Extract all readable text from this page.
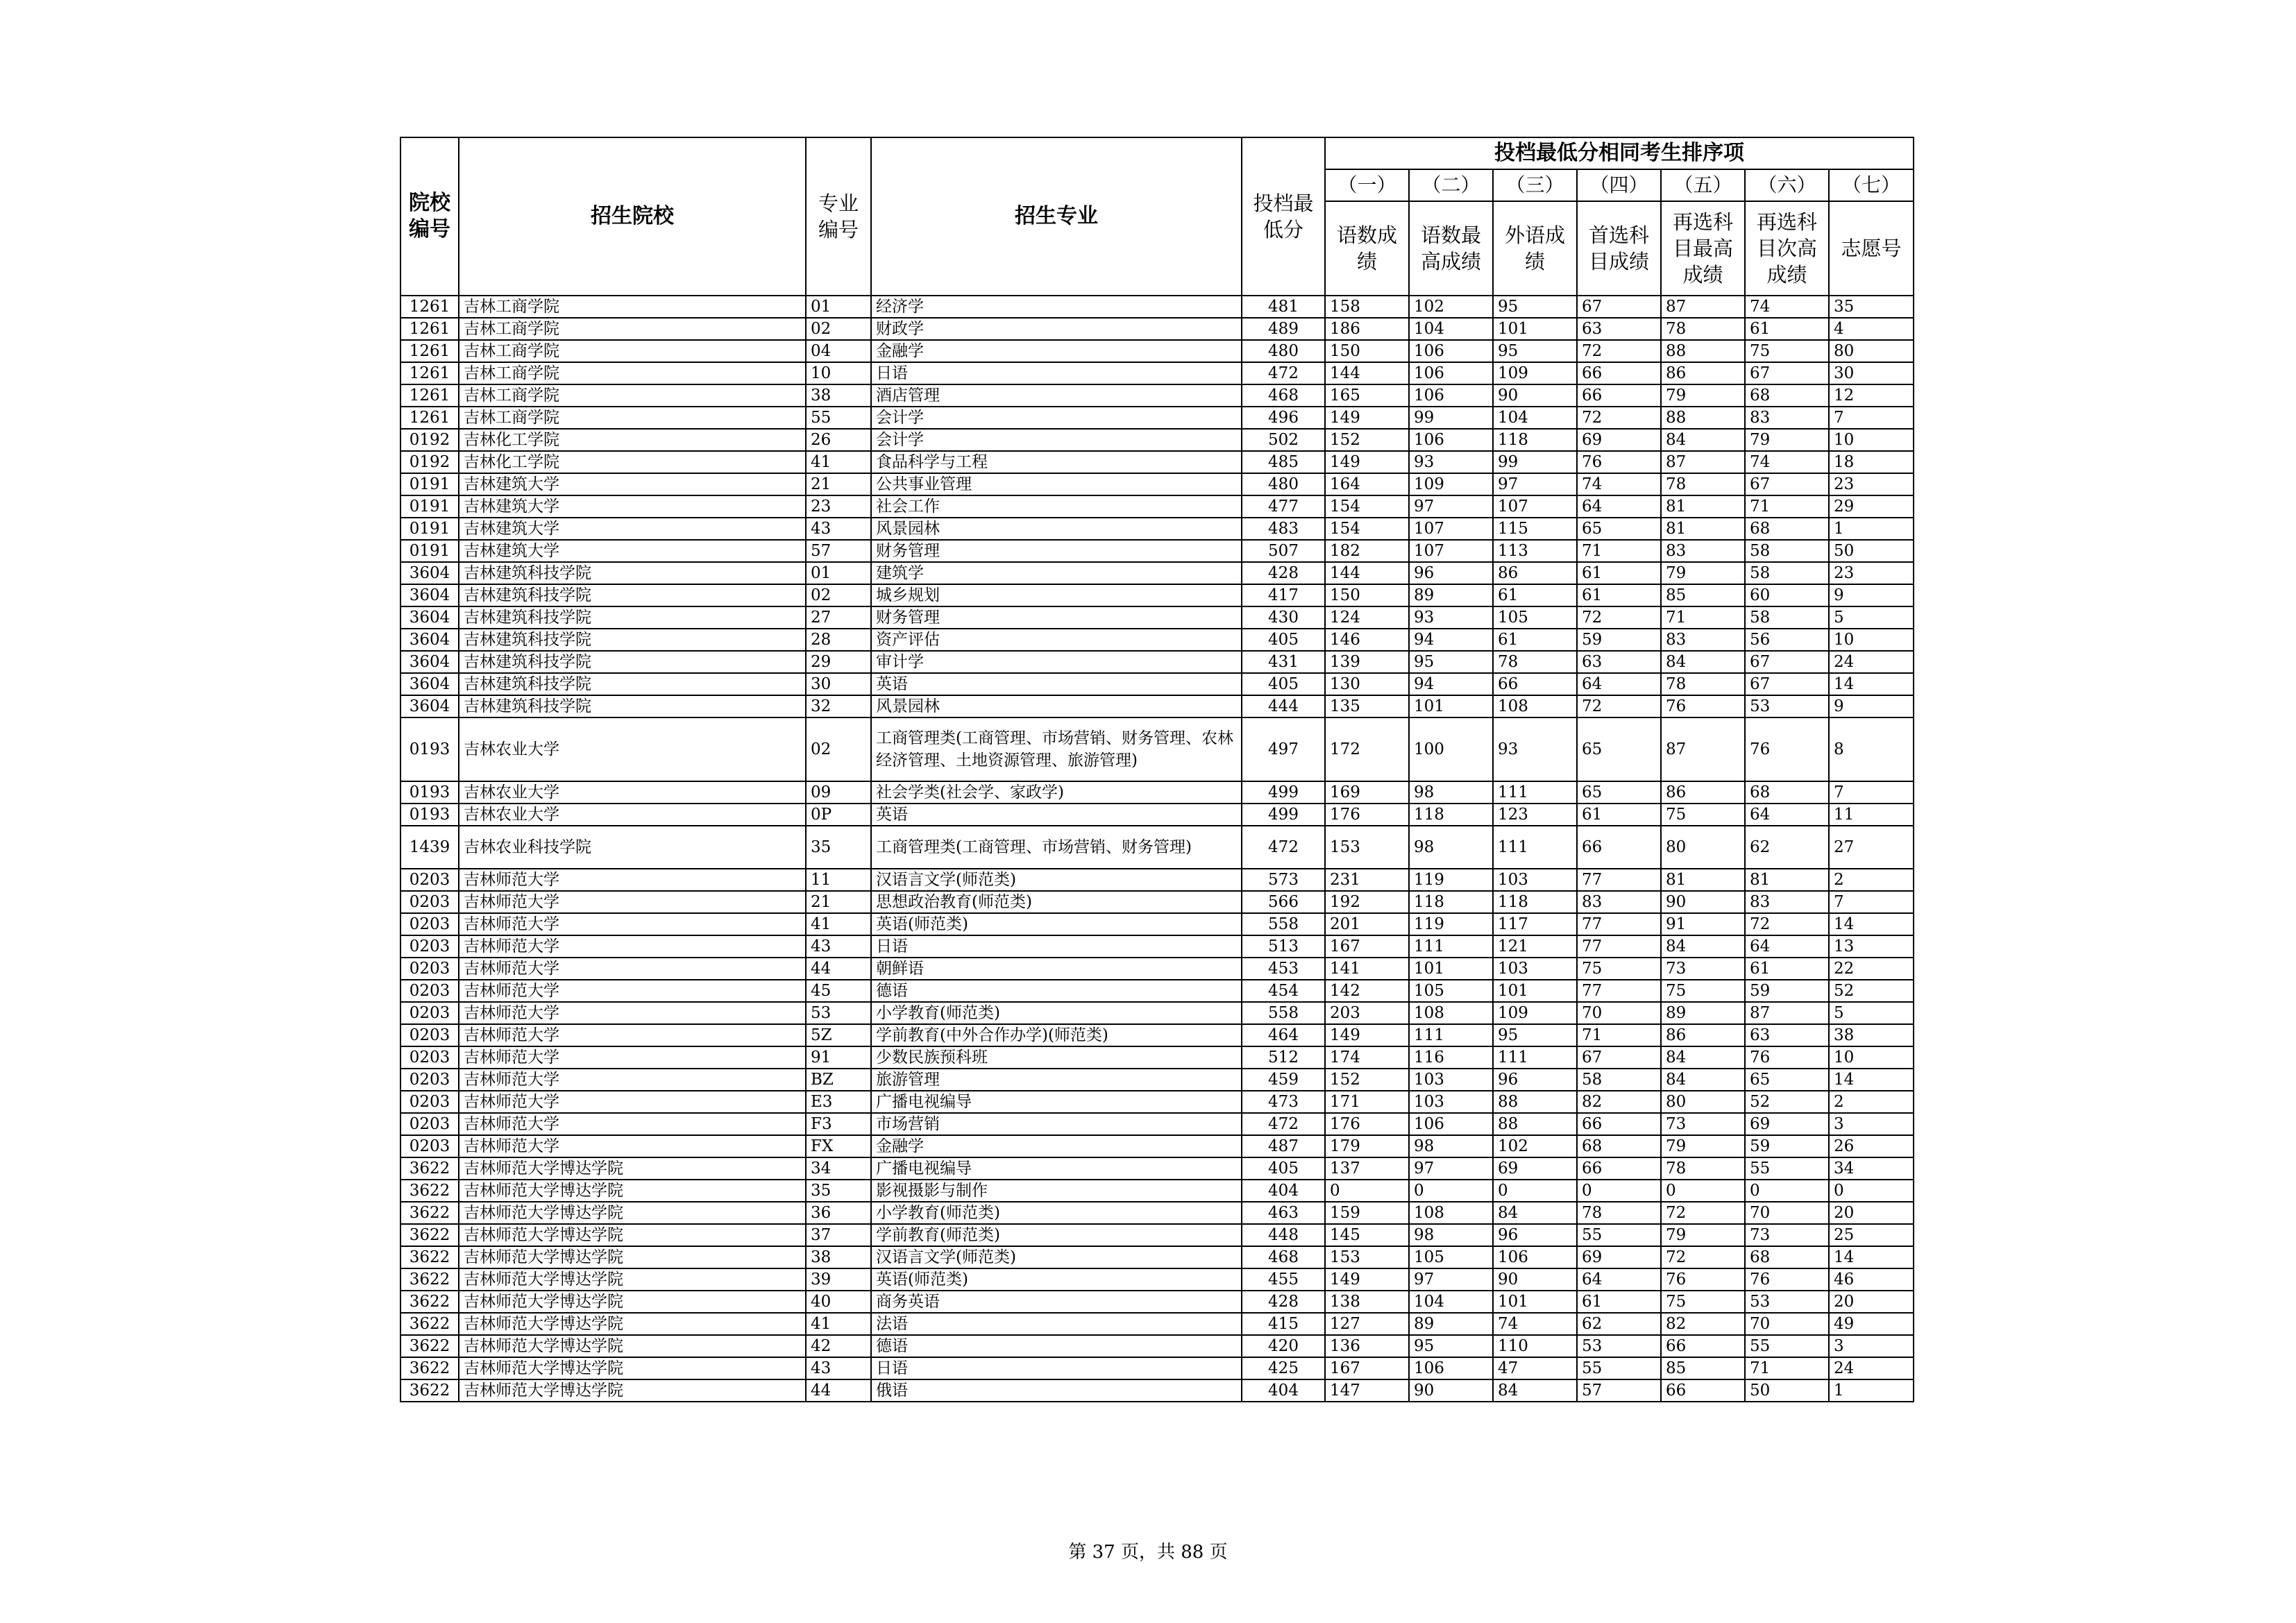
院校编号	招生院校	专业编号	招生专业	投档最低分	投档最低分相同考生排序项						
					（一）	（二）	（三）	（四）	（五）	（六）	（七）
					语数成绩	语数最高成绩	外语成绩	首选科目成绩	再选科目最高成绩	再选科目次高成绩	志愿号
1261	吉林工商学院	01	经济学	481	158	102	95	67	87	74	35
1261	吉林工商学院	02	财政学	489	186	104	101	63	78	61	4
1261	吉林工商学院	04	金融学	480	150	106	95	72	88	75	80
1261	吉林工商学院	10	日语	472	144	106	109	66	86	67	30
1261	吉林工商学院	38	酒店管理	468	165	106	90	66	79	68	12
1261	吉林工商学院	55	会计学	496	149	99	104	72	88	83	7
0192	吉林化工学院	26	会计学	502	152	106	118	69	84	79	10
0192	吉林化工学院	41	食品科学与工程	485	149	93	99	76	87	74	18
0191	吉林建筑大学	21	公共事业管理	480	164	109	97	74	78	67	23
0191	吉林建筑大学	23	社会工作	477	154	97	107	64	81	71	29
0191	吉林建筑大学	43	风景园林	483	154	107	115	65	81	68	1
0191	吉林建筑大学	57	财务管理	507	182	107	113	71	83	58	50
3604	吉林建筑科技学院	01	建筑学	428	144	96	86	61	79	58	23
3604	吉林建筑科技学院	02	城乡规划	417	150	89	61	61	85	60	9
3604	吉林建筑科技学院	27	财务管理	430	124	93	105	72	71	58	5
3604	吉林建筑科技学院	28	资产评估	405	146	94	61	59	83	56	10
3604	吉林建筑科技学院	29	审计学	431	139	95	78	63	84	67	24
3604	吉林建筑科技学院	30	英语	405	130	94	66	64	78	67	14
3604	吉林建筑科技学院	32	风景园林	444	135	101	108	72	76	53	9
0193	吉林农业大学	02	工商管理类(工商管理、市场营销、财务管理、农林经济管理、土地资源管理、旅游管理)	497	172	100	93	65	87	76	8
0193	吉林农业大学	09	社会学类(社会学、家政学)	499	169	98	111	65	86	68	7
0193	吉林农业大学	0P	英语	499	176	118	123	61	75	64	11
1439	吉林农业科技学院	35	工商管理类(工商管理、市场营销、财务管理)	472	153	98	111	66	80	62	27
0203	吉林师范大学	11	汉语言文学(师范类)	573	231	119	103	77	81	81	2
0203	吉林师范大学	21	思想政治教育(师范类)	566	192	118	118	83	90	83	7
0203	吉林师范大学	41	英语(师范类)	558	201	119	117	77	91	72	14
0203	吉林师范大学	43	日语	513	167	111	121	77	84	64	13
0203	吉林师范大学	44	朝鲜语	453	141	101	103	75	73	61	22
0203	吉林师范大学	45	德语	454	142	105	101	77	75	59	52
0203	吉林师范大学	53	小学教育(师范类)	558	203	108	109	70	89	87	5
0203	吉林师范大学	5Z	学前教育(中外合作办学)(师范类)	464	149	111	95	71	86	63	38
0203	吉林师范大学	91	少数民族预科班	512	174	116	111	67	84	76	10
0203	吉林师范大学	BZ	旅游管理	459	152	103	96	58	84	65	14
0203	吉林师范大学	E3	广播电视编导	473	171	103	88	82	80	52	2
0203	吉林师范大学	F3	市场营销	472	176	106	88	66	73	69	3
0203	吉林师范大学	FX	金融学	487	179	98	102	68	79	59	26
3622	吉林师范大学博达学院	34	广播电视编导	405	137	97	69	66	78	55	34
3622	吉林师范大学博达学院	35	影视摄影与制作	404	0	0	0	0	0	0	0
3622	吉林师范大学博达学院	36	小学教育(师范类)	463	159	108	84	78	72	70	20
3622	吉林师范大学博达学院	37	学前教育(师范类)	448	145	98	96	55	79	73	25
3622	吉林师范大学博达学院	38	汉语言文学(师范类)	468	153	105	106	69	72	68	14
3622	吉林师范大学博达学院	39	英语(师范类)	455	149	97	90	64	76	76	46
3622	吉林师范大学博达学院	40	商务英语	428	138	104	101	61	75	53	20
3622	吉林师范大学博达学院	41	法语	415	127	89	74	62	82	70	49
3622	吉林师范大学博达学院	42	德语	420	136	95	110	53	66	55	3
3622	吉林师范大学博达学院	43	日语	425	167	106	47	55	85	71	24
3622	吉林师范大学博达学院	44	俄语	404	147	90	84	57	66	50	1
第 37 页，共 88 页
